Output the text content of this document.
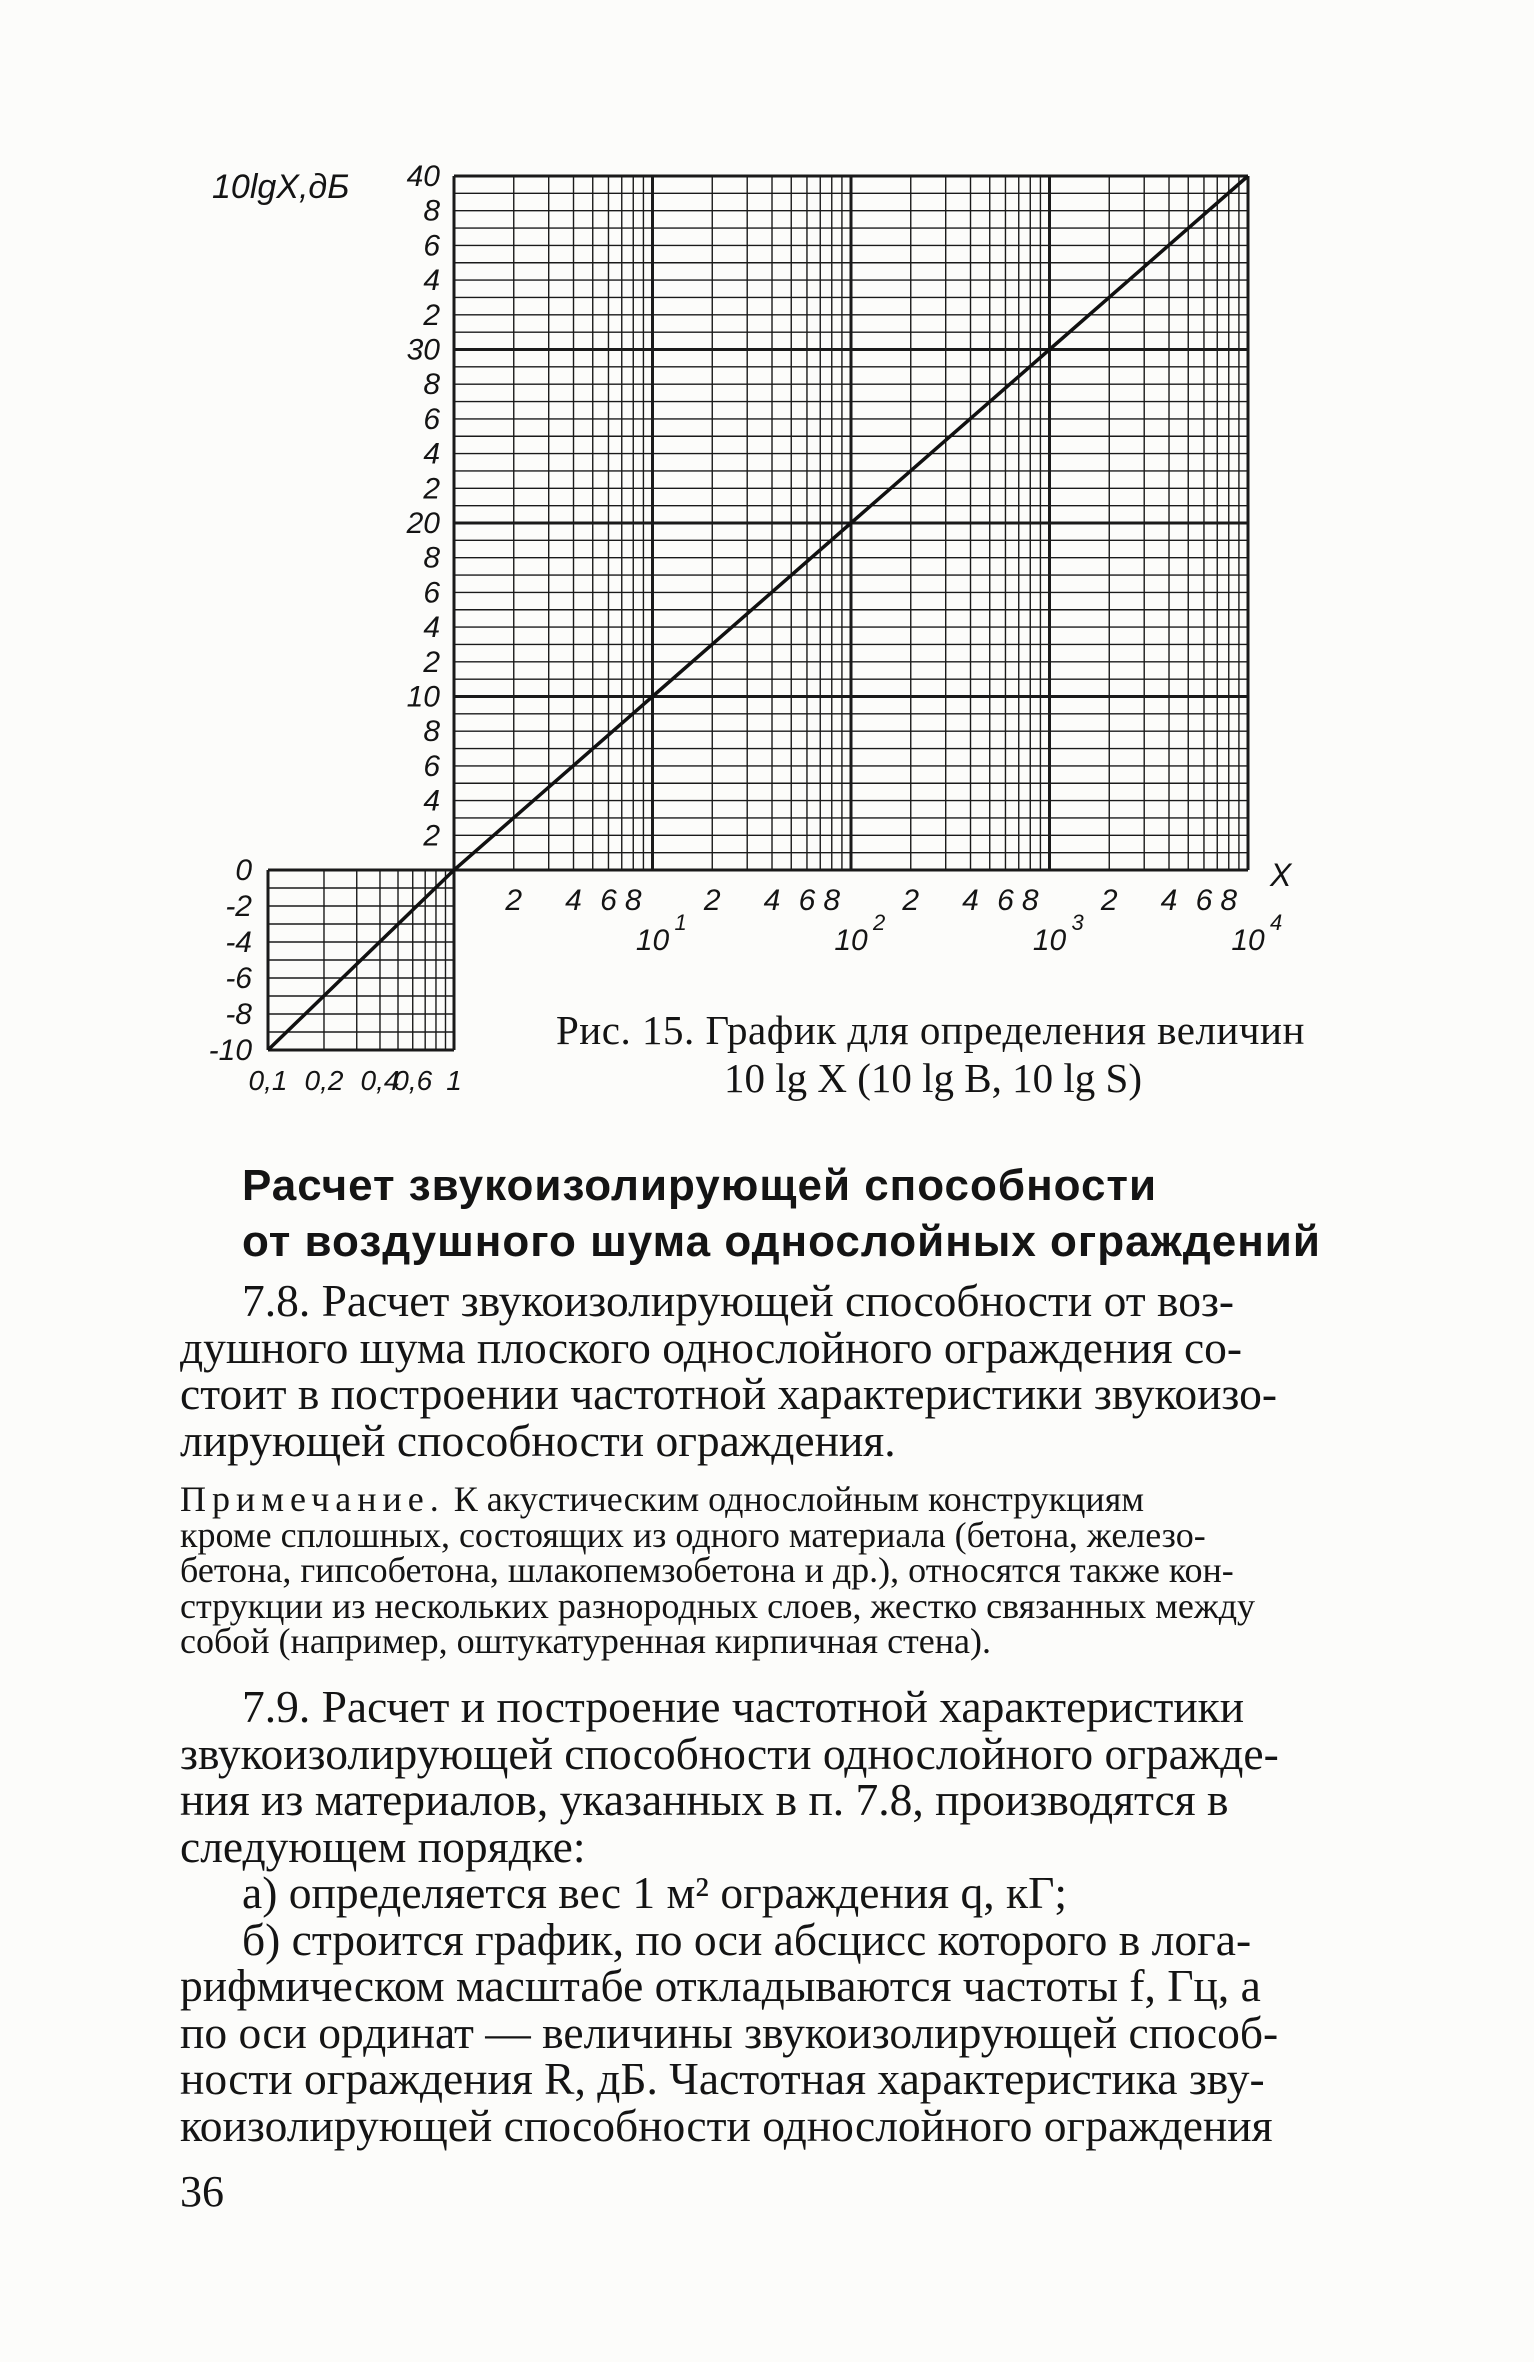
10lgX,дБ 40
8
6
4
2
30
8
6
4
2
20
8
6
4
2
10
8
6
4
2
2 4 6 8
10
1
2 4 6 8
10
2
2 4 6 8
10
3
2 4 6 8
10
4
X
0
-2
-4
-6
-8
-10
0,1 0,2 0,4
0,6 1
Рис. 15. График для определения величин
10 lg X (10 lg B, 10 lg S)
Расчет звукоизолирующей способности
от воздушного шума однослойных ограждений
7.8. Расчет звукоизолирующей способности от воз-
душного шума плоского однослойного ограждения со-
стоит в построении частотной характеристики звукоизо-
лирующей способности ограждения.
Примечание. К акустическим однослойным конструкциям
кроме сплошных, состоящих из одного материала (бетона, железо-
бетона, гипсобетона, шлакопемзобетона и др.), относятся также кон-
струкции из нескольких разнородных слоев, жестко связанных между
собой (например, оштукатуренная кирпичная стена).
7.9. Расчет и построение частотной характеристики
звукоизолирующей способности однослойного огражде-
ния из материалов, указанных в п. 7.8, производятся в
следующем порядке:
а) определяется вес 1 м² ограждения q, кГ;
б) строится график, по оси абсцисс которого в лога-
рифмическом масштабе откладываются частоты f, Гц, а
по оси ординат — величины звукоизолирующей способ-
ности ограждения R, дБ. Частотная характеристика зву-
коизолирующей способности однослойного ограждения
36
